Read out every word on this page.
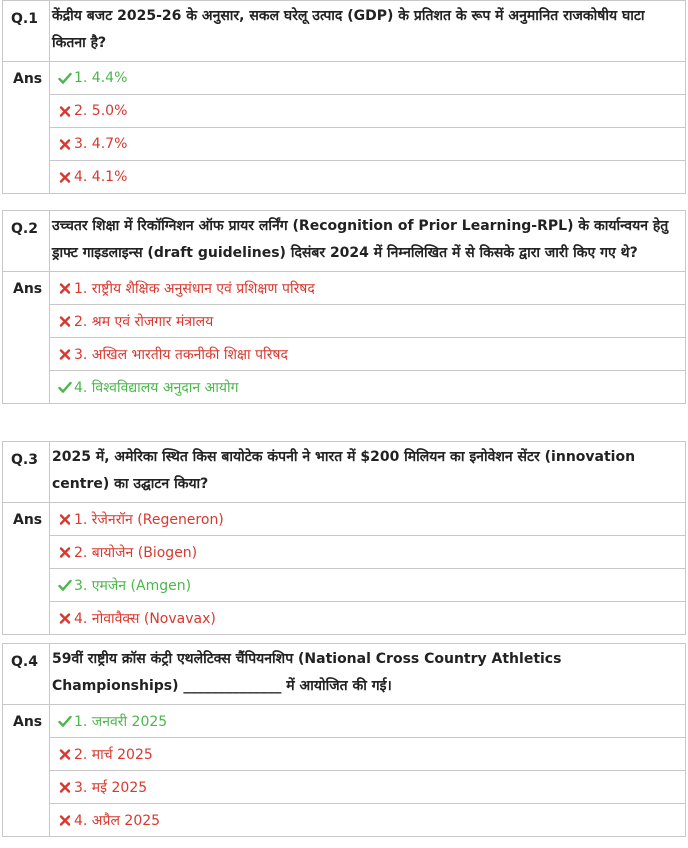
Q.1	केंद्रीय बजट 2025-26 के अनुसार, सकल घरेलू उत्पाद (GDP) के प्रतिशत के रूप में अनुमानित राजकोषीय घाटा कितना है?

Ans	1. 4.4%

	2. 5.0%

	3. 4.7%

	4. 4.1%
Q.2	उच्चतर शिक्षा में रिकॉग्निशन ऑफ प्रायर लर्निंग (Recognition of Prior Learning-RPL) के कार्यान्वयन हेतु ड्राफ्ट गाइडलाइन्स (draft guidelines) दिसंबर 2024 में निम्नलिखित में से किसके द्वारा जारी किए गए थे?

Ans	1. राष्ट्रीय शैक्षिक अनुसंधान एवं प्रशिक्षण परिषद

	2. श्रम एवं रोजगार मंत्रालय

	3. अखिल भारतीय तकनीकी शिक्षा परिषद

	4. विश्वविद्यालय अनुदान आयोग
Q.3	2025 में, अमेरिका स्थित किस बायोटेक कंपनी ने भारत में $200 मिलियन का इनोवेशन सेंटर (innovation centre) का उद्घाटन किया?

Ans	1. रेजेनरॉन (Regeneron)

	2. बायोजेन (Biogen)

	3. एमजेन (Amgen)

	4. नोवावैक्स (Novavax)
Q.4	59वीं राष्ट्रीय क्रॉस कंट्री एथलेटिक्स चैंपियनशिप (National Cross Country Athletics Championships) ______________ में आयोजित की गई।

Ans	1. जनवरी 2025

	2. मार्च 2025

	3. मई 2025

	4. अप्रैल 2025
